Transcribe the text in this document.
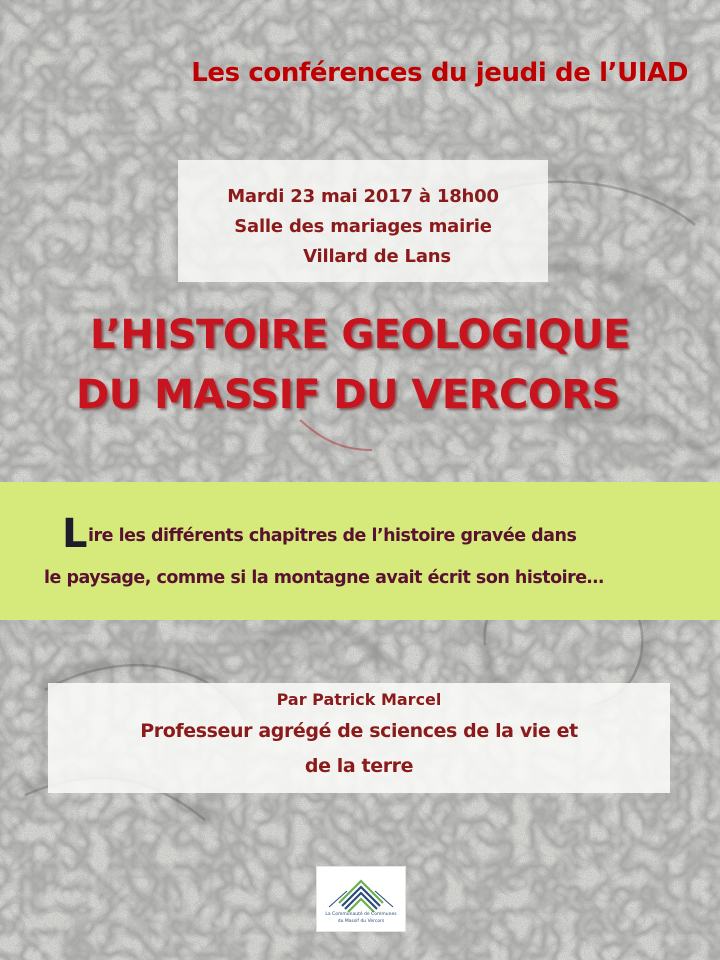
Les conférences du jeudi de l’UIAD
Mardi 23 mai 2017 à 18h00
Salle des mariages mairie
Villard de Lans
L’HISTOIRE GEOLOGIQUE
DU MASSIF DU VERCORS
Lire les différents chapitres de l’histoire gravée dans
le paysage, comme si la montagne avait écrit son histoire…
Par Patrick Marcel
Professeur agrégé de sciences de la vie et
de la terre
La Communauté de Communes
du Massif du Vercors
